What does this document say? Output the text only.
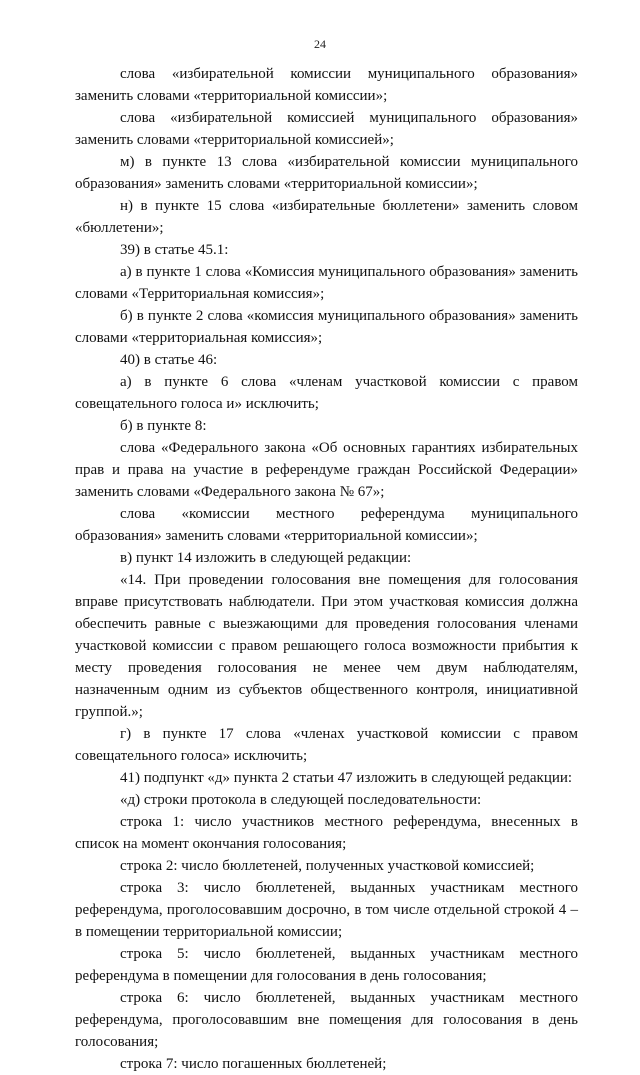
24

слова «избирательной комиссии муниципального образования» заменить словами «территориальной комиссии»;

слова «избирательной комиссией муниципального образования» заменить словами «территориальной комиссией»;

м) в пункте 13 слова «избирательной комиссии муниципального образования» заменить словами «территориальной комиссии»;

н) в пункте 15 слова «избирательные бюллетени» заменить словом «бюллетени»;

39) в статье 45.1:

а) в пункте 1 слова «Комиссия муниципального образования» заменить словами «Территориальная комиссия»;

б) в пункте 2 слова «комиссия муниципального образования» заменить словами «территориальная комиссия»;

40) в статье 46:

а) в пункте 6 слова «членам участковой комиссии с правом совещательного голоса и» исключить;

б) в пункте 8:

слова «Федерального закона «Об основных гарантиях избирательных прав и права на участие в референдуме граждан Российской Федерации» заменить словами «Федерального закона № 67»;

слова «комиссии местного референдума муниципального образования» заменить словами «территориальной комиссии»;

в) пункт 14 изложить в следующей редакции:

«14. При проведении голосования вне помещения для голосования вправе присутствовать наблюдатели. При этом участковая комиссия должна обеспечить равные с выезжающими для проведения голосования членами участковой комиссии с правом решающего голоса возможности прибытия к месту проведения голосования не менее чем двум наблюдателям, назначенным одним из субъектов общественного контроля, инициативной группой.»;

г) в пункте 17 слова «членах участковой комиссии с правом совещательного голоса» исключить;

41) подпункт «д» пункта 2 статьи 47 изложить в следующей редакции:

«д) строки протокола в следующей последовательности:

строка 1: число участников местного референдума, внесенных в список на момент окончания голосования;

строка 2: число бюллетеней, полученных участковой комиссией;

строка 3: число бюллетеней, выданных участникам местного референдума, проголосовавшим досрочно, в том числе отдельной строкой 4 – в помещении территориальной комиссии;

строка 5: число бюллетеней, выданных участникам местного референдума в помещении для голосования в день голосования;

строка 6: число бюллетеней, выданных участникам местного референдума, проголосовавшим вне помещения для голосования в день голосования;

строка 7: число погашенных бюллетеней;
